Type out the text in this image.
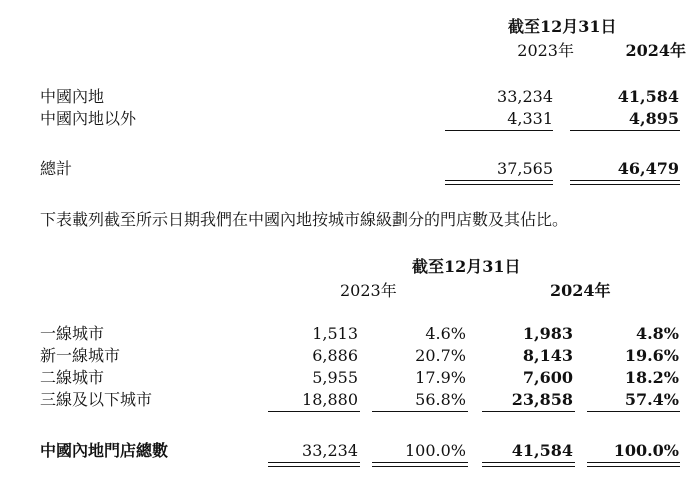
截至12月31日
2023年	2024年
中國內地	33,234	41,584
中國內地以外	4,331	4,895
總計	37,565	46,479
下表載列截至所示日期我們在中國內地按城市線級劃分的門店數及其佔比。
截至12月31日
2023年	2024年
一線城市	1,513	4.6%	1,983	4.8%
新一線城市	6,886	20.7%	8,143	19.6%
二線城市	5,955	17.9%	7,600	18.2%
三線及以下城市	18,880	56.8%	23,858	57.4%
中國內地門店總數	33,234	100.0%	41,584	100.0%
